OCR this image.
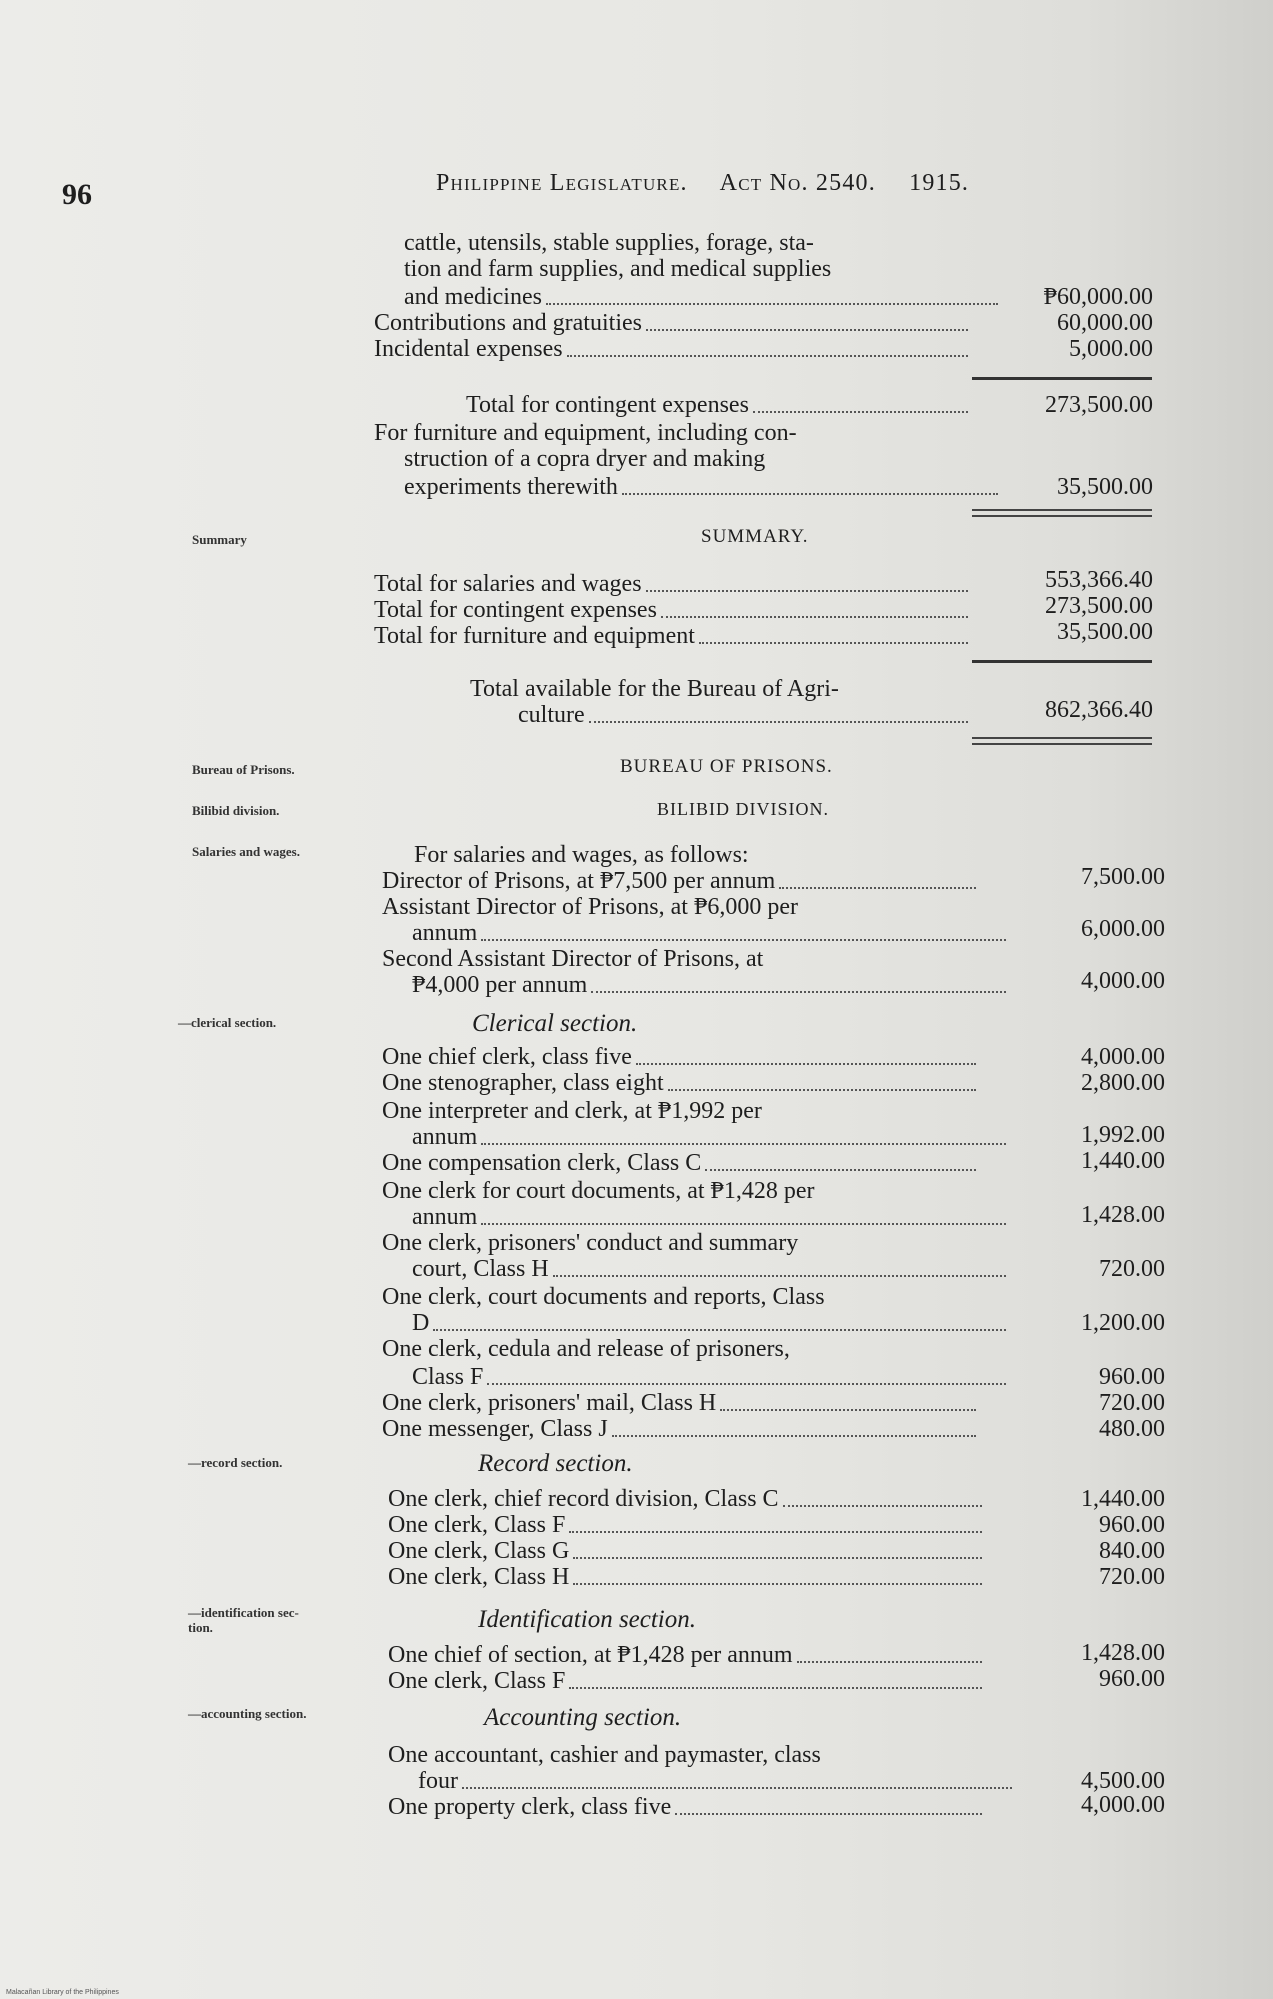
96	Philippine Legislature. Act No. 2540. 1915.
cattle, utensils, stable supplies, forage, sta-
tion and farm supplies, and medical supplies
and medicines	₱60,000.00
Contributions and gratuities	60,000.00
Incidental expenses	5,000.00
Total for contingent expenses	273,500.00
For furniture and equipment, including con-
struction of a copra dryer and making
experiments therewith	35,500.00
Summary	SUMMARY.
Total for salaries and wages	553,366.40
Total for contingent expenses	273,500.00
Total for furniture and equipment	35,500.00
Total available for the Bureau of Agri-
culture	862,366.40
Bureau of Prisons.	BUREAU OF PRISONS.
Bilibid division.	BILIBID DIVISION.
Salaries and wages.	For salaries and wages, as follows:
Director of Prisons, at ₱7,500 per annum	7,500.00
Assistant Director of Prisons, at ₱6,000 per
annum	6,000.00
Second Assistant Director of Prisons, at
₱4,000 per annum	4,000.00
—clerical section.	Clerical section.
One chief clerk, class five	4,000.00
One stenographer, class eight	2,800.00
One interpreter and clerk, at ₱1,992 per
annum	1,992.00
One compensation clerk, Class C	1,440.00
One clerk for court documents, at ₱1,428 per
annum	1,428.00
One clerk, prisoners' conduct and summary
court, Class H	720.00
One clerk, court documents and reports, Class
D	1,200.00
One clerk, cedula and release of prisoners,
Class F	960.00
One clerk, prisoners' mail, Class H	720.00
One messenger, Class J	480.00
—record section.	Record section.
One clerk, chief record division, Class C	1,440.00
One clerk, Class F	960.00
One clerk, Class G	840.00
One clerk, Class H	720.00
—identification sec-
tion.	Identification section.
One chief of section, at ₱1,428 per annum	1,428.00
One clerk, Class F	960.00
—accounting section.	Accounting section.
One accountant, cashier and paymaster, class
four	4,500.00
One property clerk, class five	4,000.00
Malacañan Library of the Philippines
